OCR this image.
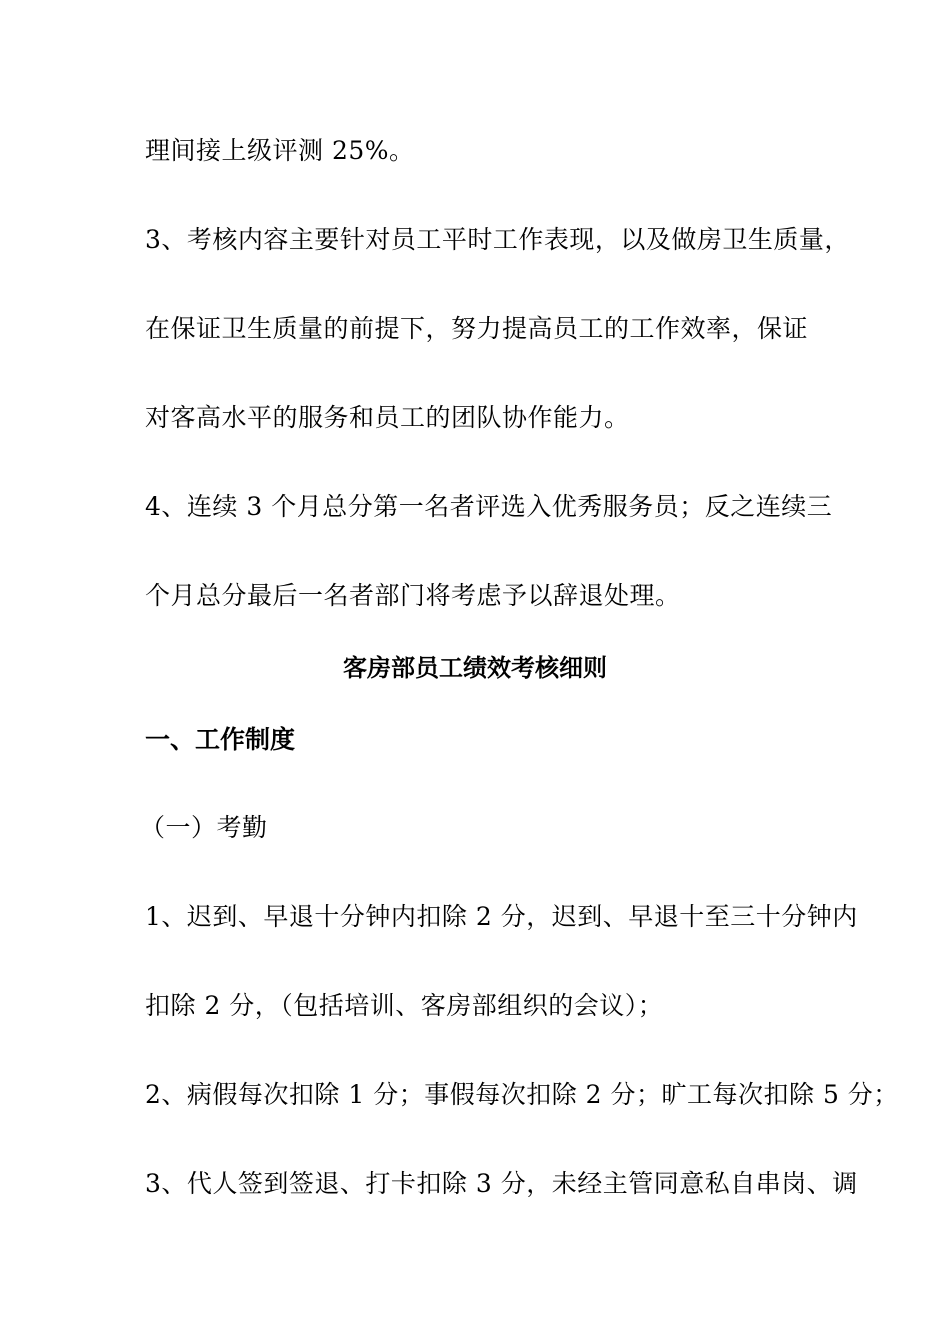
理间接上级评测 25%。
3、考核内容主要针对员工平时工作表现，以及做房卫生质量，
在保证卫生质量的前提下，努力提高员工的工作效率，保证
对客高水平的服务和员工的团队协作能力。
4、连续 3 个月总分第一名者评选入优秀服务员；反之连续三
个月总分最后一名者部门将考虑予以辞退处理。
客房部员工绩效考核细则
一、工作制度
（一）考勤
1、迟到、早退十分钟内扣除 2 分，迟到、早退十至三十分钟内
扣除 2 分，（包括培训、客房部组织的会议）；
2、病假每次扣除 1 分；事假每次扣除 2 分；旷工每次扣除 5 分；
3、代人签到签退、打卡扣除 3 分，未经主管同意私自串岗、调
